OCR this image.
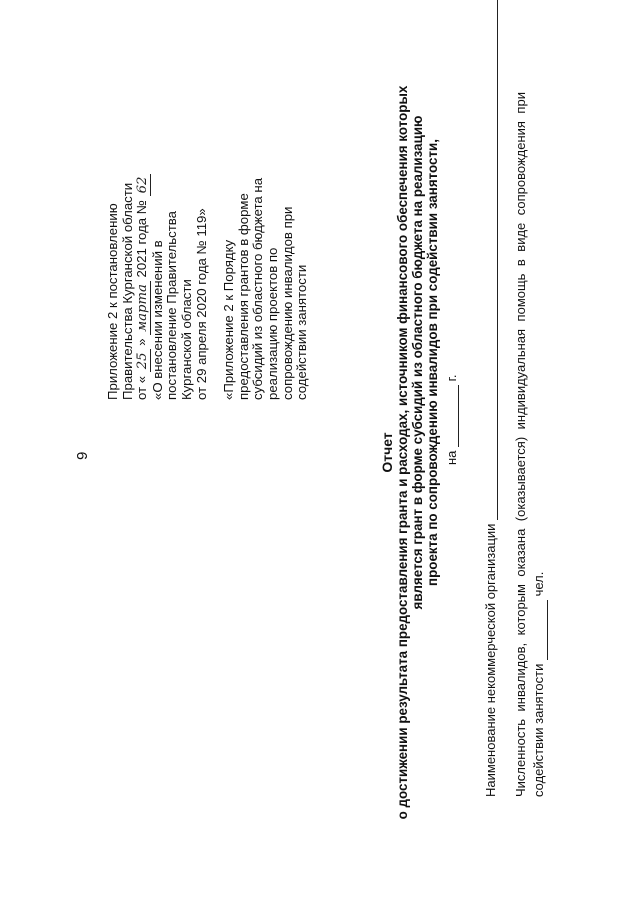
9
Приложение 2 к постановлению Правительства Курганской области от « 25 » марта 2021 года № 62
«О внесении изменений в постановление Правительства Курганской области от 29 апреля 2020 года № 119» «Приложение 2 к Порядку предоставления грантов в форме субсидий из областного бюджета на реализацию проектов по сопровождению инвалидов при содействии занятости
Отчет о достижении результата предоставления гранта и расходах, источником финансового обеспечения которых является грант в форме субсидий из областного бюджета на реализацию проекта по сопровождению инвалидов при содействии занятости, на  г.
Наименование некоммерческой организации Численность
инвалидов,
которым
оказана
(оказывается)
индивидуальная
помощь
в
виде
сопровождения
при
содействии занятости  чел.
